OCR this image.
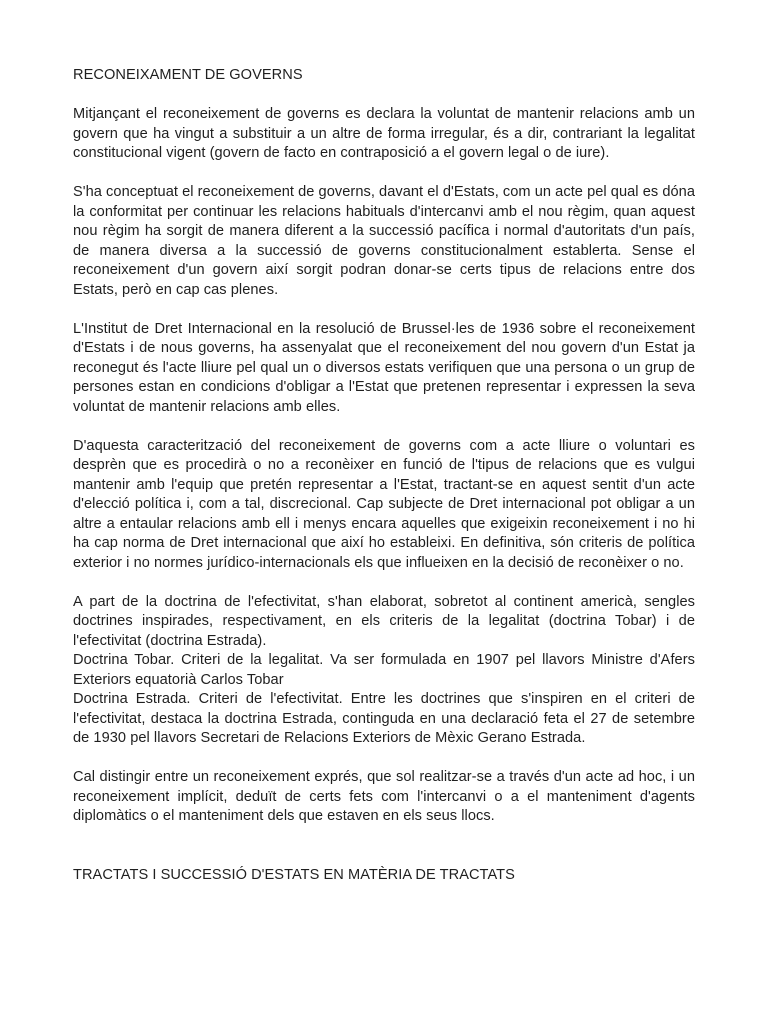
RECONEIXAMENT DE GOVERNS

Mitjançant el reconeixement de governs es declara la voluntat de mantenir relacions amb un govern que ha vingut a substituir a un altre de forma irregular, és a dir, contrariant la legalitat constitucional vigent (govern de facto en contraposició a el govern legal o de iure).

S'ha conceptuat el reconeixement de governs, davant el d'Estats, com un acte pel qual es dóna la conformitat per continuar les relacions habituals d'intercanvi amb el nou règim, quan aquest nou règim ha sorgit de manera diferent a la successió pacífica i normal d'autoritats d'un país, de manera diversa a la successió de governs constitucionalment establerta. Sense el reconeixement d'un govern així sorgit podran donar-se certs tipus de relacions entre dos Estats, però en cap cas plenes.

L'Institut de Dret Internacional en la resolució de Brussel·les de 1936 sobre el reconeixement d'Estats i de nous governs, ha assenyalat que el reconeixement del nou govern d'un Estat ja reconegut és l'acte lliure pel qual un o diversos estats verifiquen que una persona o un grup de persones estan en condicions d'obligar a l'Estat que pretenen representar i expressen la seva voluntat de mantenir relacions amb elles.

D'aquesta caracterització del reconeixement de governs com a acte lliure o voluntari es desprèn que es procedirà o no a reconèixer en funció de l'tipus de relacions que es vulgui mantenir amb l'equip que pretén representar a l'Estat, tractant-se en aquest sentit d'un acte d'elecció política i, com a tal, discrecional. Cap subjecte de Dret internacional pot obligar a un altre a entaular relacions amb ell i menys encara aquelles que exigeixin reconeixement i no hi ha cap norma de Dret internacional que així ho estableixi. En definitiva, són criteris de política exterior i no normes jurídico-internacionals els que influeixen en la decisió de reconèixer o no.

A part de la doctrina de l'efectivitat, s'han elaborat, sobretot al continent americà, sengles doctrines inspirades, respectivament, en els criteris de la legalitat (doctrina Tobar) i de l'efectivitat (doctrina Estrada).

Doctrina Tobar. Criteri de la legalitat. Va ser formulada en 1907 pel llavors Ministre d'Afers Exteriors equatorià Carlos Tobar

Doctrina Estrada. Criteri de l'efectivitat. Entre les doctrines que s'inspiren en el criteri de l'efectivitat, destaca la doctrina Estrada, continguda en una declaració feta el 27 de setembre de 1930 pel llavors Secretari de Relacions Exteriors de Mèxic Gerano Estrada.

Cal distingir entre un reconeixement exprés, que sol realitzar-se a través d'un acte ad hoc, i un reconeixement implícit, deduït de certs fets com l'intercanvi o a el manteniment d'agents diplomàtics o el manteniment dels que estaven en els seus llocs.

TRACTATS I SUCCESSIÓ D'ESTATS EN MATÈRIA DE TRACTATS
